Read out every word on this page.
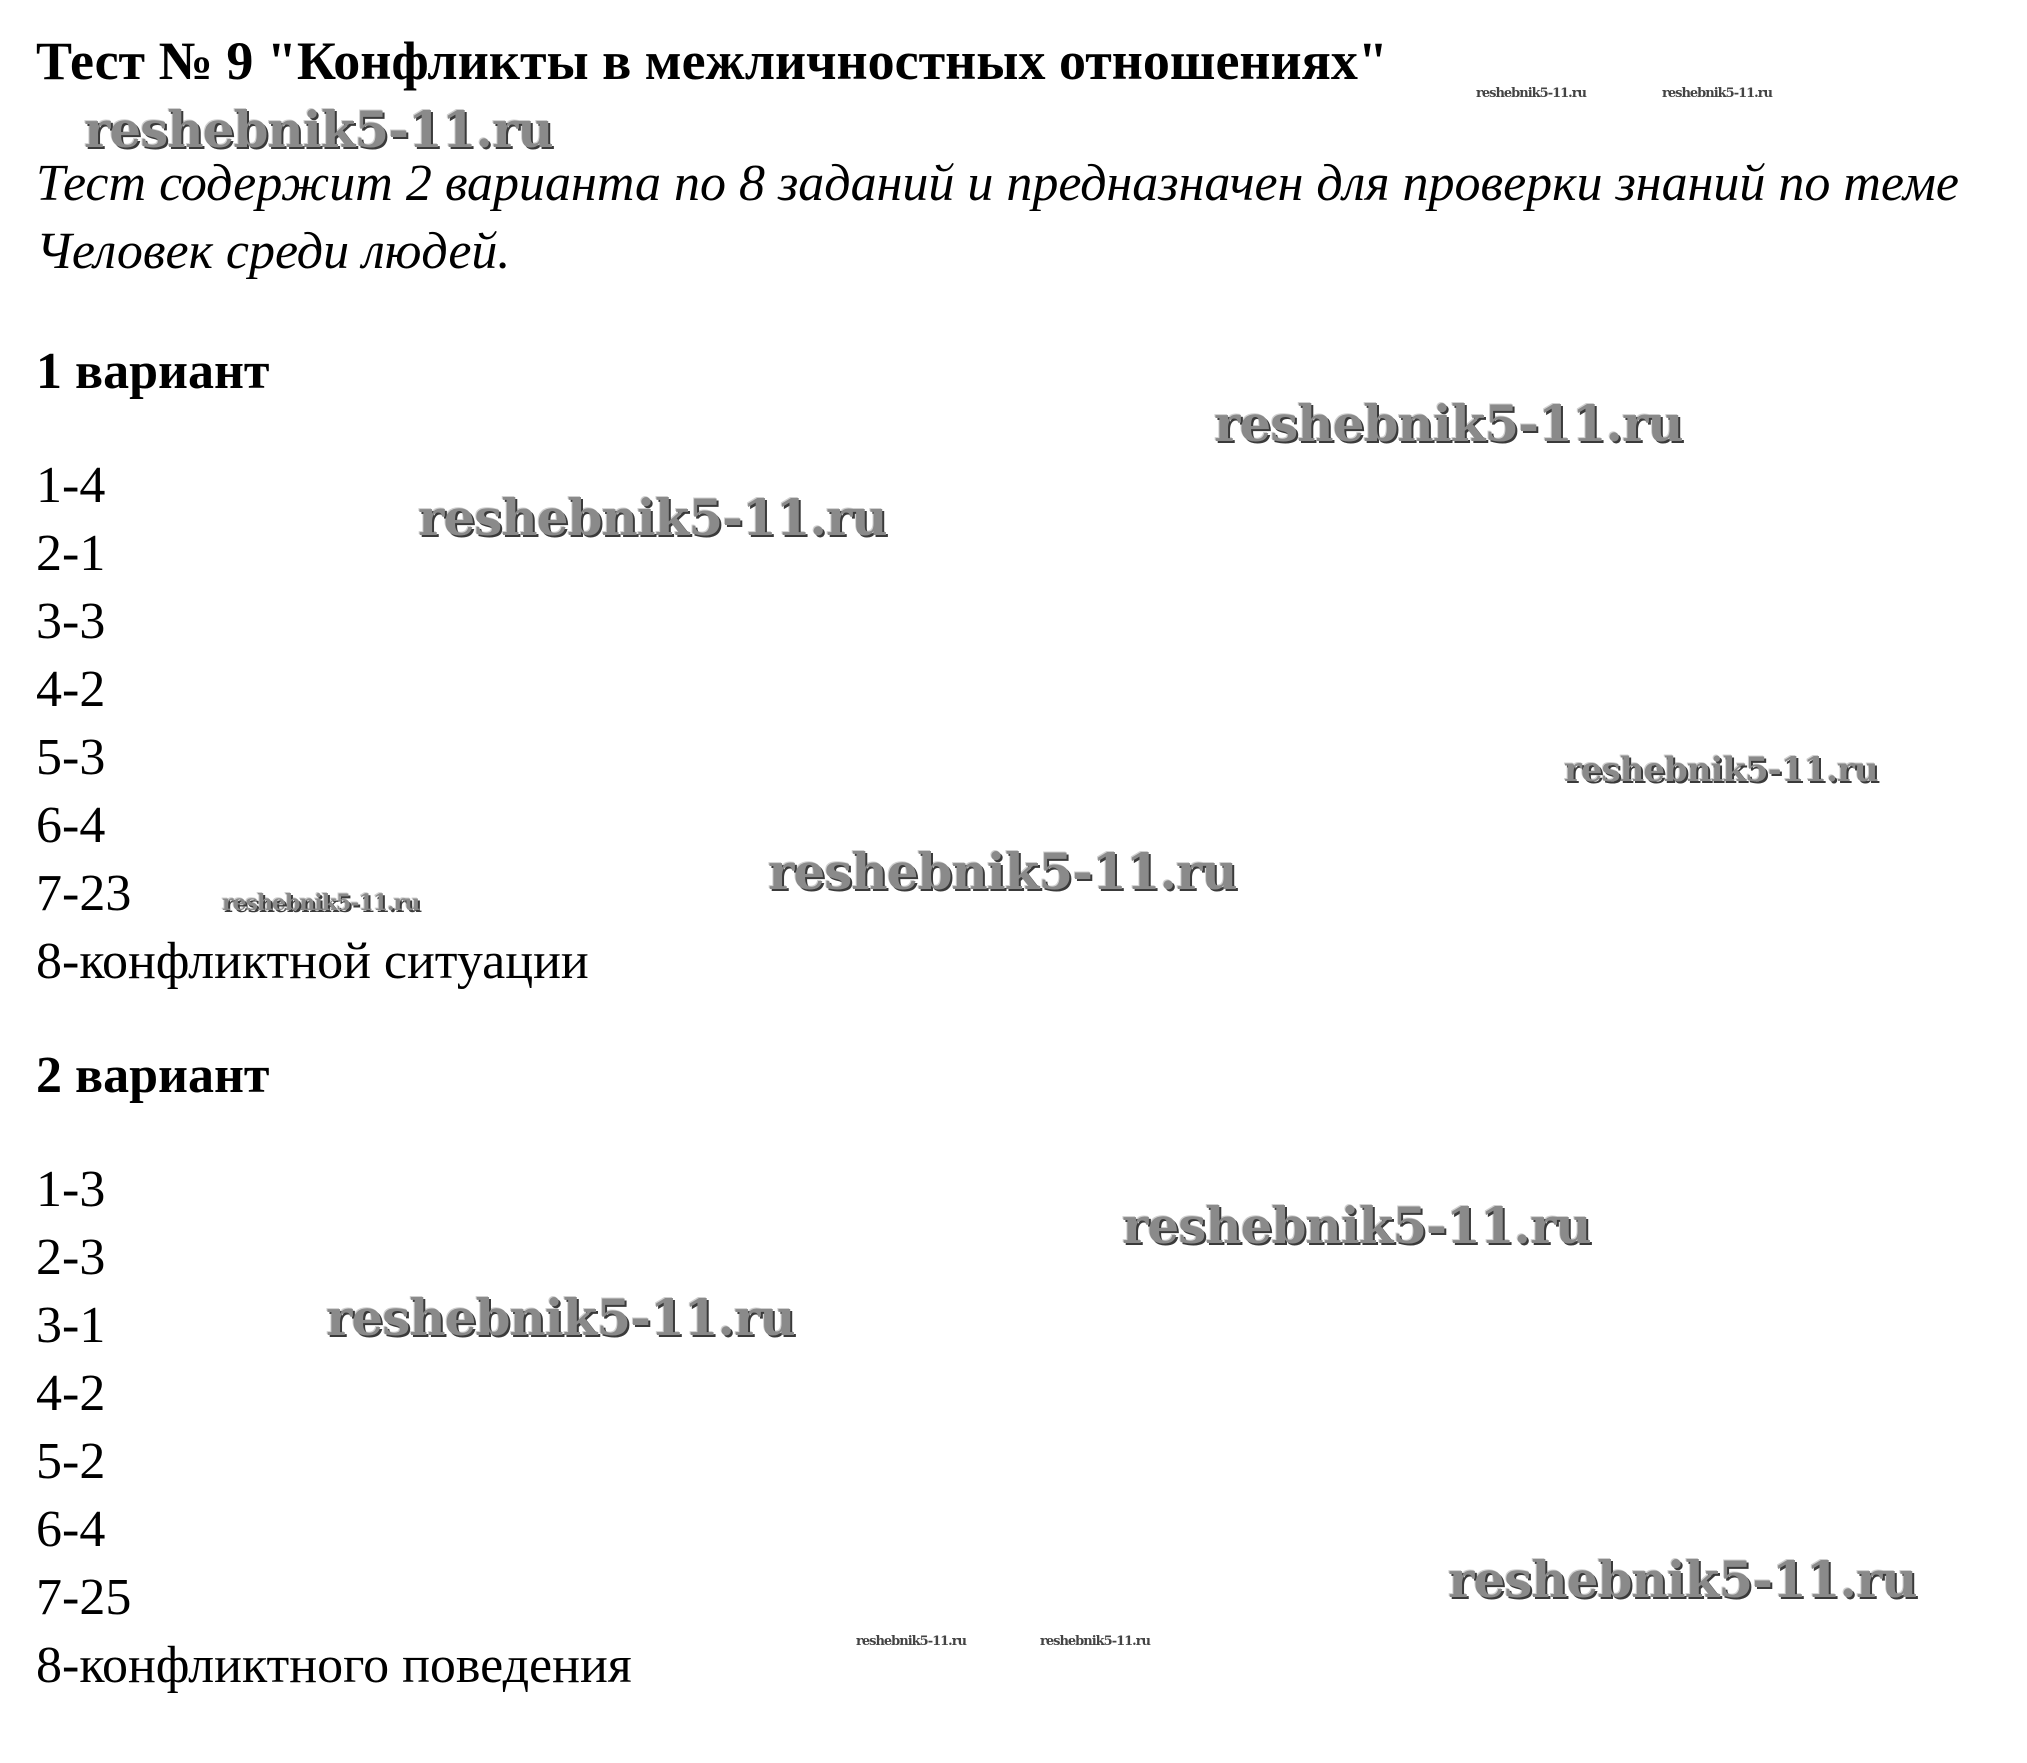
Тест № 9 "Конфликты в межличностных отношениях"

Тест содержит 2 варианта по 8 заданий и предназначен для проверки знаний по теме Человек среди людей.

1 вариант
1-4
2-1
3-3
4-2
5-3
6-4
7-23
8-конфликтной ситуации
2 вариант
1-3
2-3
3-1
4-2
5-2
6-4
7-25
8-конфликтного поведения
reshebnik5-11.ru
reshebnik5-11.ru	reshebnik5-11.ru
reshebnik5-11.ru
reshebnik5-11.ru
reshebnik5-11.ru
reshebnik5-11.ru
reshebnik5-11.ru
reshebnik5-11.ru
reshebnik5-11.ru
reshebnik5-11.ru
reshebnik5-11.ru	reshebnik5-11.ru
